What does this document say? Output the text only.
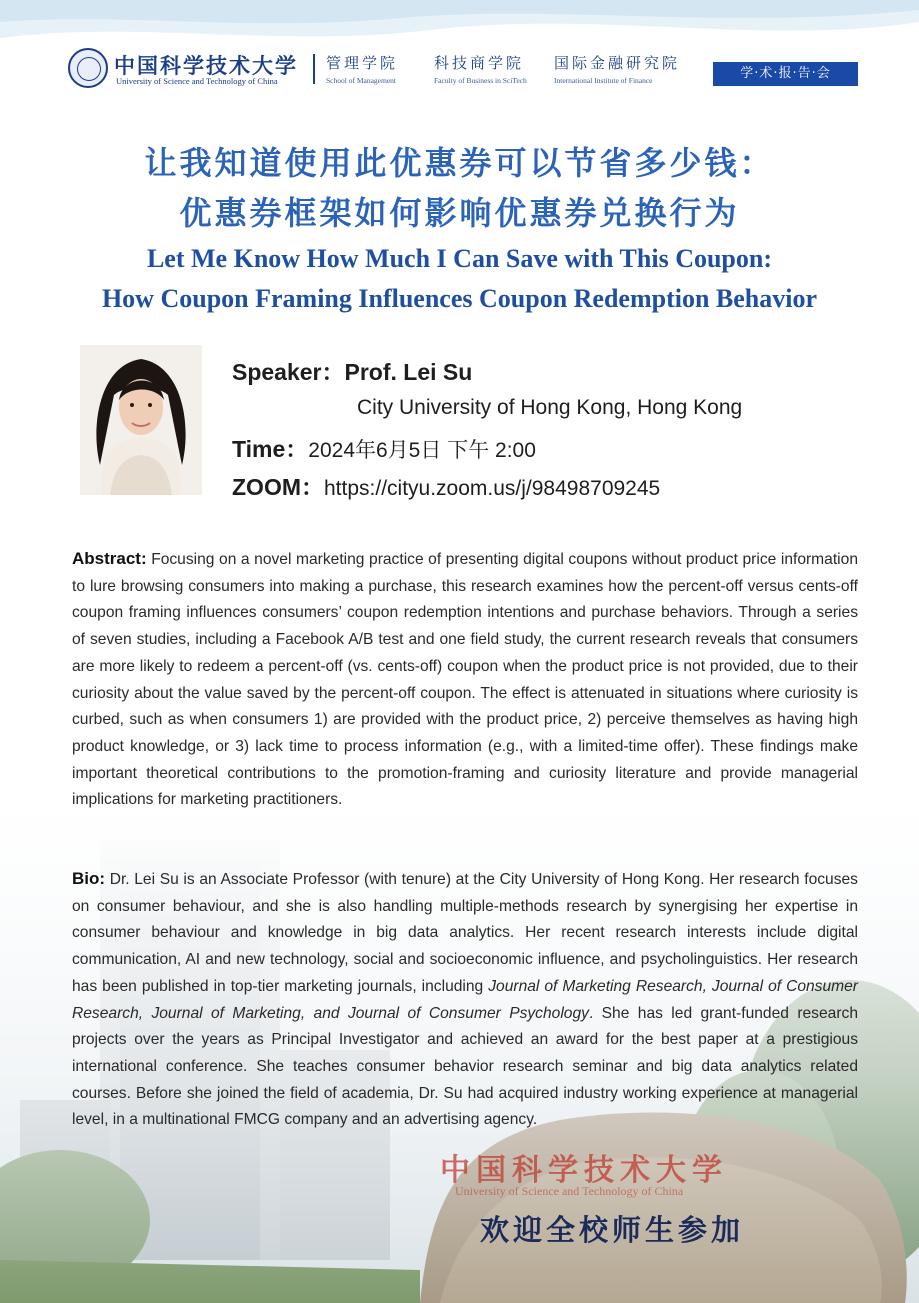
中国科学技术大学
University of Science and Technology of China
管理学院
School of Management
科技商学院
Faculty of Business in SciTech
国际金融研究院
International Institute of Finance	学·术·报·告·会
让我知道使用此优惠券可以节省多少钱：
优惠券框架如何影响优惠券兑换行为
Let Me Know How Much I Can Save with This Coupon:
How Coupon Framing Influences Coupon Redemption Behavior
Speaker：Prof. Lei Su
City University of Hong Kong, Hong Kong
Time：2024年6月5日 下午 2:00
ZOOM：https://cityu.zoom.us/j/98498709245
中国科学技术大学
University of Science and Technology of China
Abstract: Focusing on a novel marketing practice of presenting digital coupons without product price information to lure browsing consumers into making a purchase, this research examines how the percent-off versus cents-off coupon framing influences consumers’ coupon redemption intentions and purchase behaviors. Through a series of seven studies, including a Facebook A/B test and one field study, the current research reveals that consumers are more likely to redeem a percent-off (vs. cents-off) coupon when the product price is not provided, due to their curiosity about the value saved by the percent-off coupon. The effect is attenuated in situations where curiosity is curbed, such as when consumers 1) are provided with the product price, 2) perceive themselves as having high product knowledge, or 3) lack time to process information (e.g., with a limited-time offer). These findings make important theoretical contributions to the promotion-framing and curiosity literature and provide managerial implications for marketing practitioners.
Bio: Dr. Lei Su is an Associate Professor (with tenure) at the City University of Hong Kong. Her research focuses on consumer behaviour, and she is also handling multiple-methods research by synergising her expertise in consumer behaviour and knowledge in big data analytics. Her recent research interests include digital communication, AI and new technology, social and socioeconomic influence, and psycholinguistics. Her research has been published in top-tier marketing journals, including Journal of Marketing Research, Journal of Consumer Research, Journal of Marketing, and Journal of Consumer Psychology. She has led grant-funded research projects over the years as Principal Investigator and achieved an award for the best paper at a prestigious international conference. She teaches consumer behavior research seminar and big data analytics related courses. Before she joined the field of academia, Dr. Su had acquired industry working experience at managerial level, in a multinational FMCG company and an advertising agency.
欢迎全校师生参加
